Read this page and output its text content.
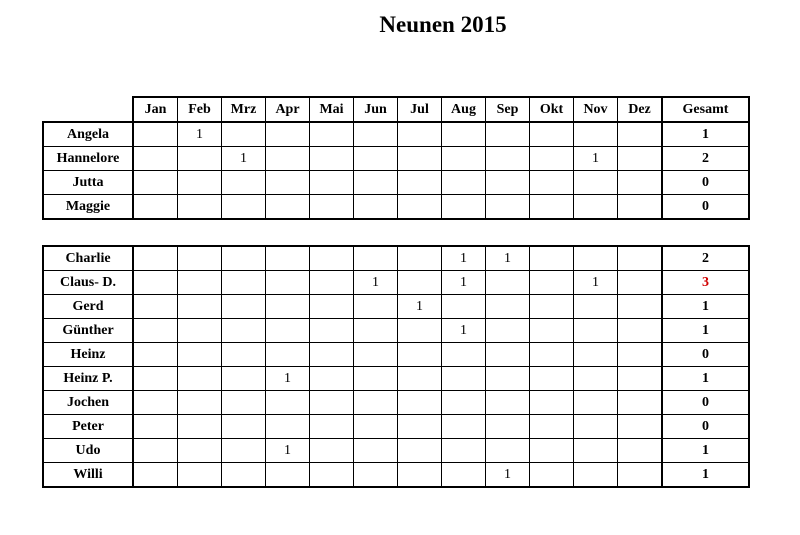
Neunen 2015
	Jan	Feb	Mrz	Apr	Mai	Jun	Jul	Aug	Sep	Okt	Nov	Dez	Gesamt
Angela		1											1
Hannelore			1								1		2
Jutta													0
Maggie													0
Charlie								1	1				2
Claus- D.						1		1			1		3
Gerd							1						1
Günther								1					1
Heinz													0
Heinz P.				1									1
Jochen													0
Peter													0
Udo				1									1
Willi									1				1
